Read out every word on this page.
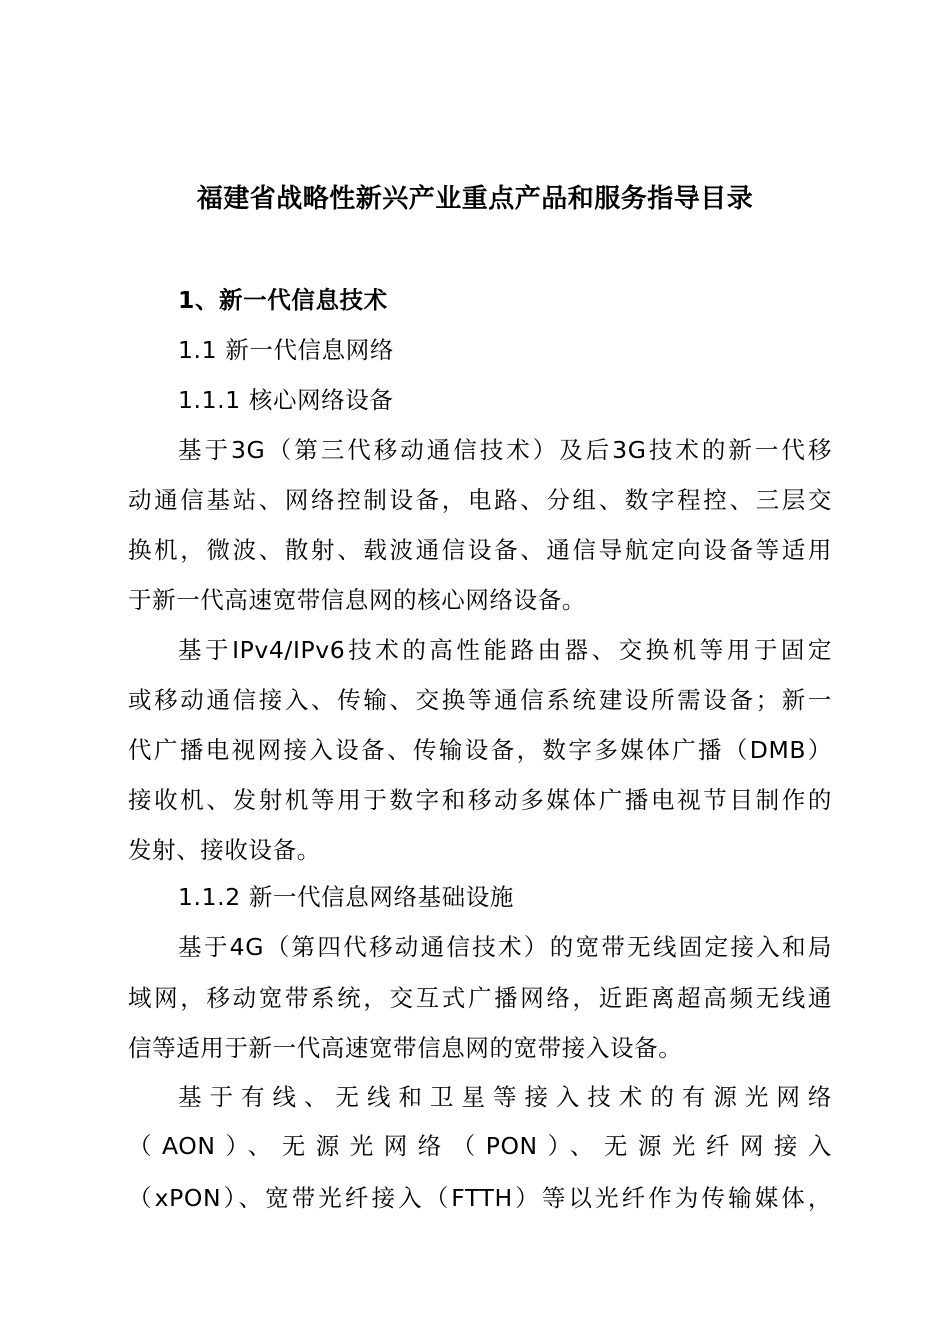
福建省战略性新兴产业重点产品和服务指导目录
1、新一代信息技术
1.1 新一代信息网络
1.1.1 核心网络设备
基于3G（第三代移动通信技术）及后3G技术的新一代移
动通信基站、网络控制设备，电路、分组、数字程控、三层交
换机，微波、散射、载波通信设备、通信导航定向设备等适用
于新一代高速宽带信息网的核心网络设备。
基于IPv4/IPv6技术的高性能路由器、交换机等用于固定
或移动通信接入、传输、交换等通信系统建设所需设备；新一
代广播电视网接入设备、传输设备，数字多媒体广播（DMB）
接收机、发射机等用于数字和移动多媒体广播电视节目制作的
发射、接收设备。
1.1.2 新一代信息网络基础设施
基于4G（第四代移动通信技术）的宽带无线固定接入和局
域网，移动宽带系统，交互式广播网络，近距离超高频无线通
信等适用于新一代高速宽带信息网的宽带接入设备。
基于有线、无线和卫星等接入技术的有源光网络
（AON）、无源光网络（PON）、无源光纤网接入
（xPON）、宽带光纤接入（FTTH）等以光纤作为传输媒体，
